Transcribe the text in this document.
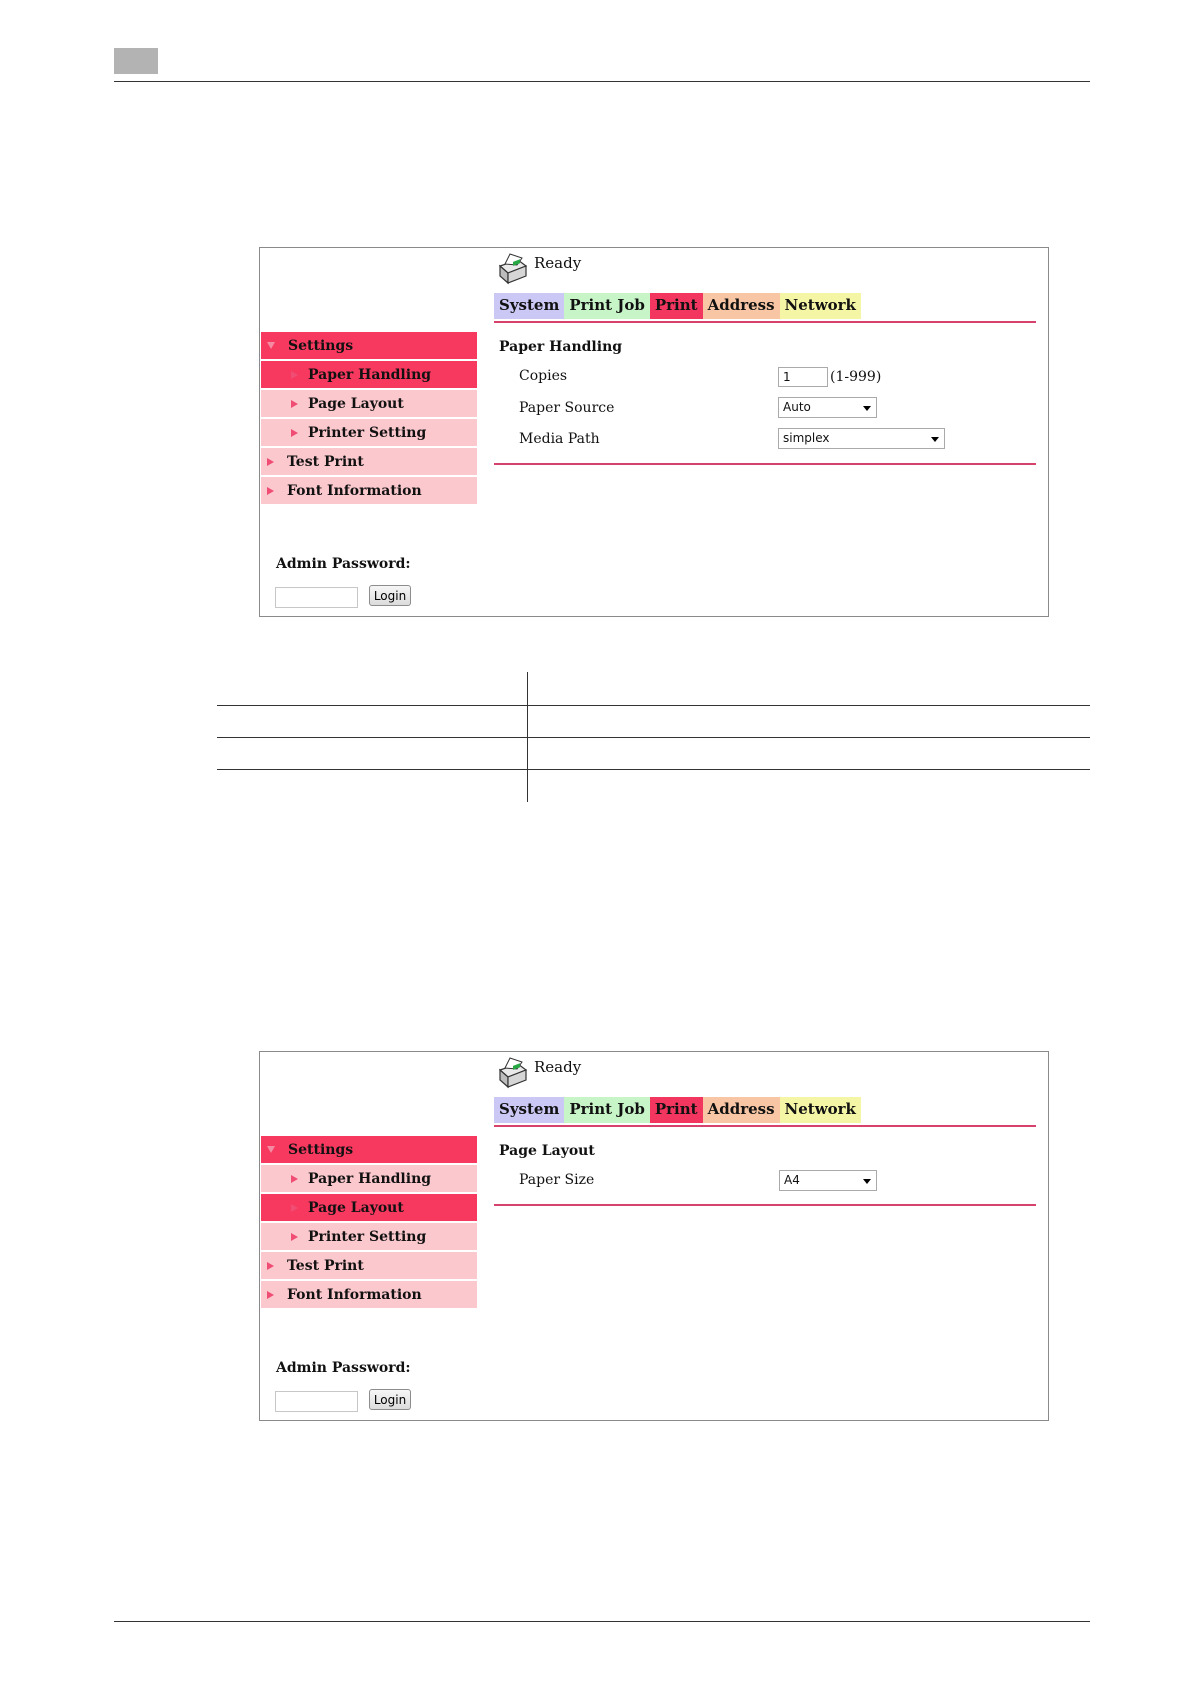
Ready
System Print Job Print Address Network
Settings
Paper Handling
Page Layout
Printer Setting
Test Print
Font Information
Admin Password:
Login
Paper Handling
Copies	1	(1-999)
Paper Source	Auto
Media Path	simplex
Ready
System Print Job Print Address Network
Settings
Paper Handling
Page Layout
Printer Setting
Test Print
Font Information
Admin Password:
Login
Page Layout
Paper Size	A4
